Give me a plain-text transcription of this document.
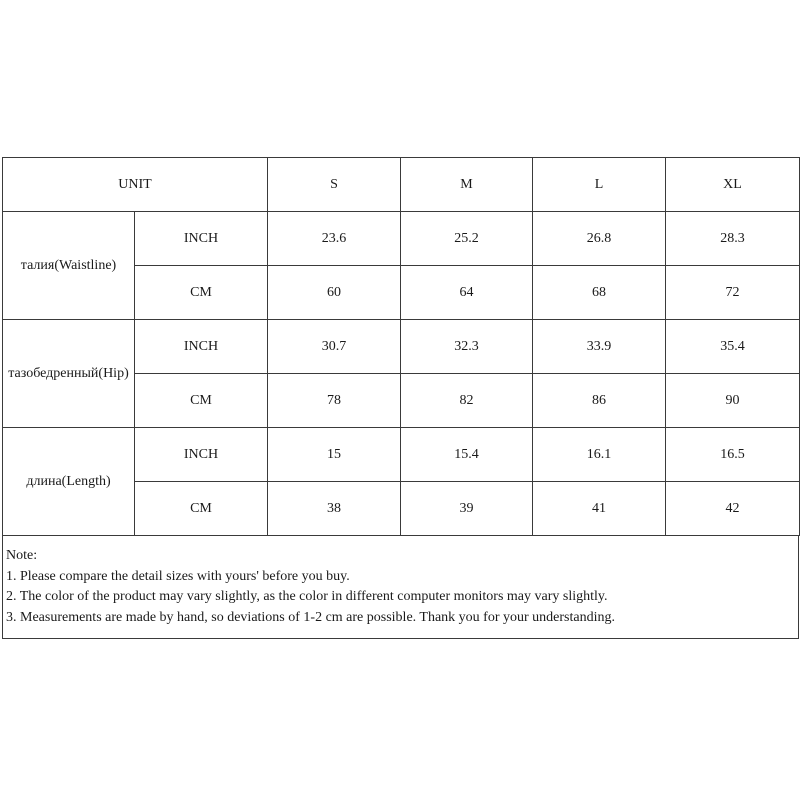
UNIT		S	M	L	XL
талия(Waistline)	INCH	23.6	25.2	26.8	28.3
	CM	60	64	68	72
тазобедренный(Hip)	INCH	30.7	32.3	33.9	35.4
	CM	78	82	86	90
длина(Length)	INCH	15	15.4	16.1	16.5
	CM	38	39	41	42
Note:
1. Please compare the detail sizes with yours' before you buy.
2. The color of the product may vary slightly, as the color in different computer monitors may vary slightly.
3. Measurements are made by hand, so deviations of 1-2 cm are possible. Thank you for your understanding.
